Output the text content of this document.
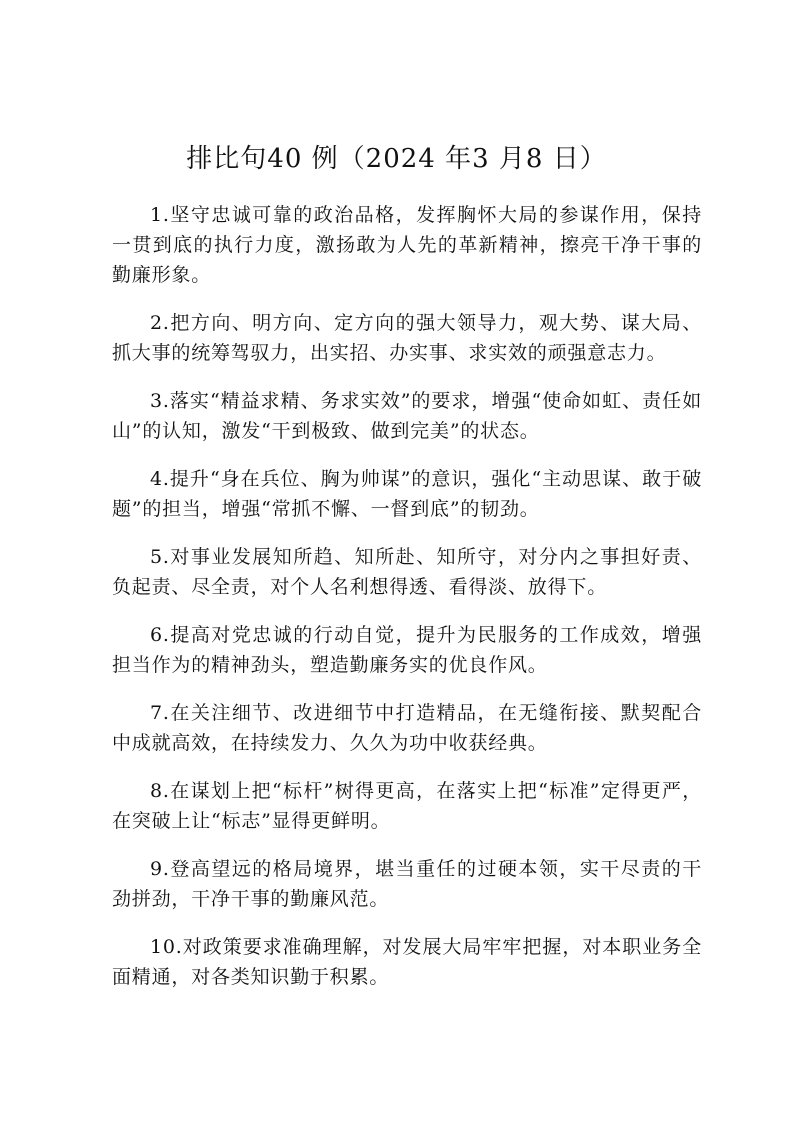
排比句40 例（2024 年3 月8 日）

1.坚守忠诚可靠的政治品格，发挥胸怀大局的参谋作用，保持一贯到底的执行力度，激扬敢为人先的革新精神，擦亮干净干事的勤廉形象。

2.把方向、明方向、定方向的强大领导力，观大势、谋大局、抓大事的统筹驾驭力，出实招、办实事、求实效的顽强意志力。

3.落实“精益求精、务求实效”的要求，增强“使命如虹、责任如山”的认知，激发“干到极致、做到完美”的状态。

4.提升“身在兵位、胸为帅谋”的意识，强化“主动思谋、敢于破题”的担当，增强“常抓不懈、一督到底”的韧劲。

5.对事业发展知所趋、知所赴、知所守，对分内之事担好责、负起责、尽全责，对个人名利想得透、看得淡、放得下。

6.提高对党忠诚的行动自觉，提升为民服务的工作成效，增强担当作为的精神劲头，塑造勤廉务实的优良作风。

7.在关注细节、改进细节中打造精品，在无缝衔接、默契配合中成就高效，在持续发力、久久为功中收获经典。

8.在谋划上把“标杆”树得更高，在落实上把“标准”定得更严，在突破上让“标志”显得更鲜明。

9.登高望远的格局境界，堪当重任的过硬本领，实干尽责的干劲拼劲，干净干事的勤廉风范。

10.对政策要求准确理解，对发展大局牢牢把握，对本职业务全面精通，对各类知识勤于积累。
